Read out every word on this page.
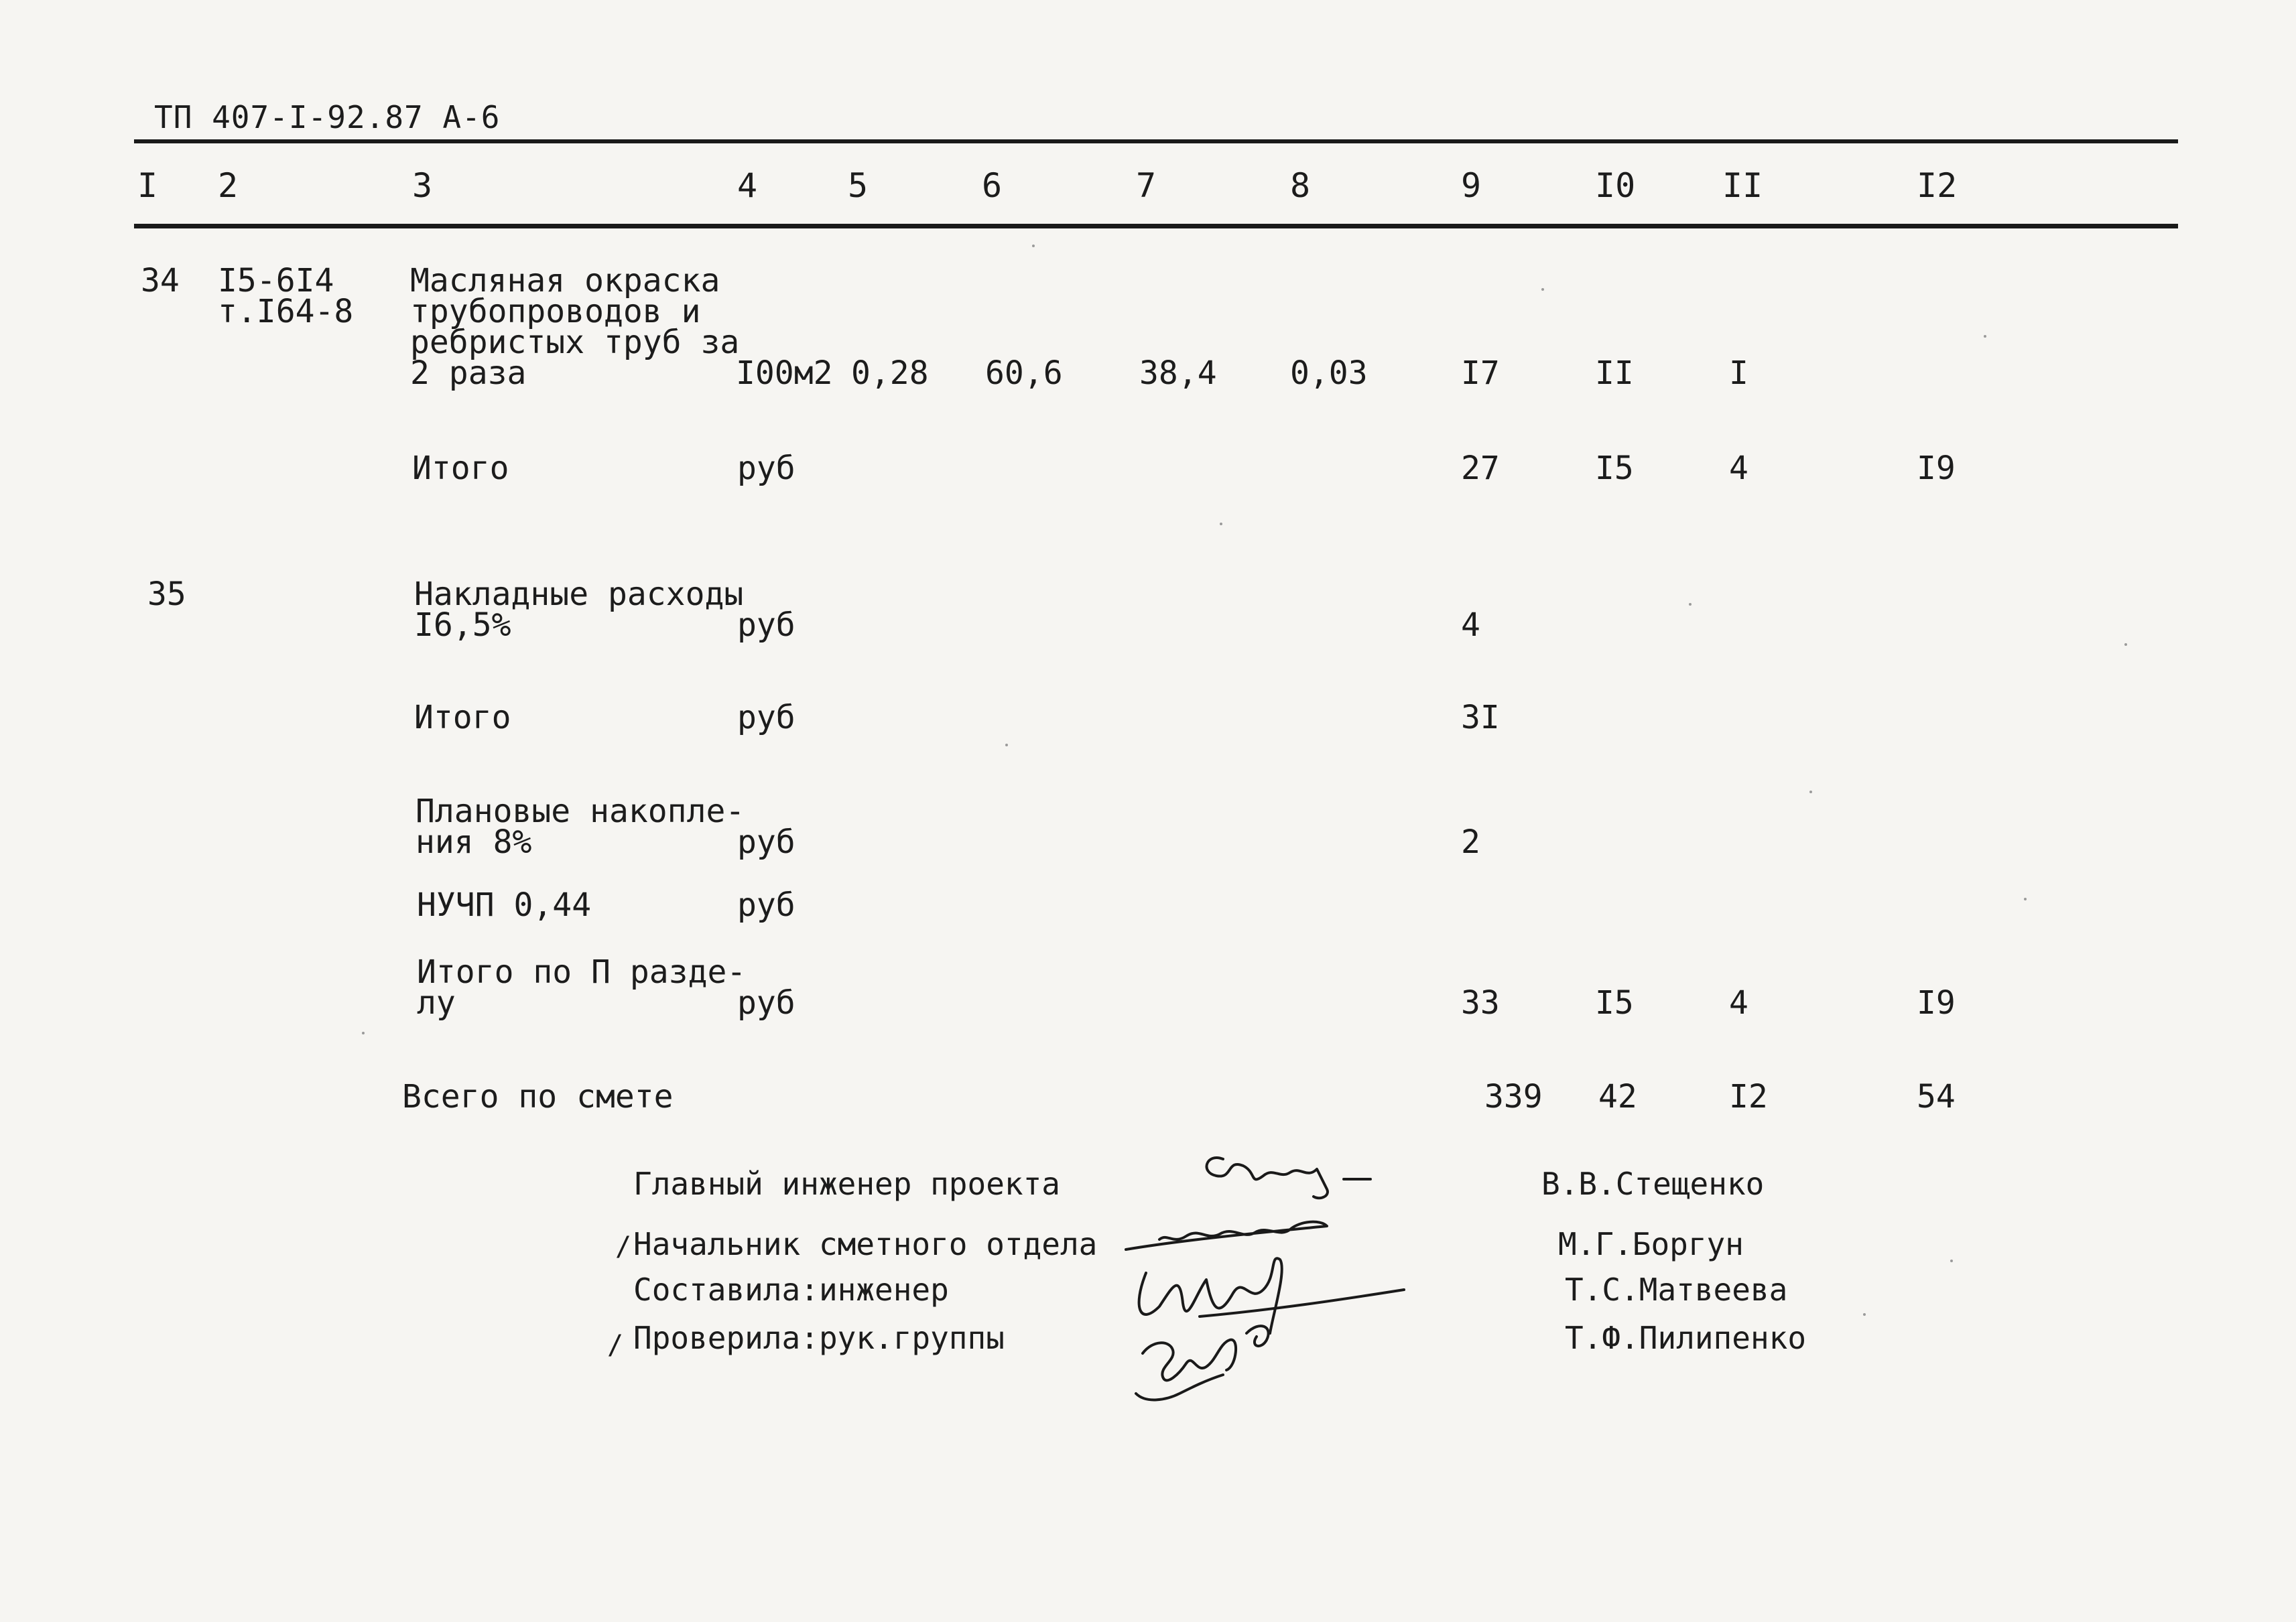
ТП 407-I-92.87 А-6
I 2	3	4	5	6	7	8	9	I0	II	I2
34 I5-6I4
т.I64-8
Масляная окраска
трубопроводов и
ребристых труб за
2 раза	I00м2 0,28 60,6 38,4 0,03	I7	II	I
Итого	руб	27	I5	4	I9
35	Накладные расходы
I6,5%	руб	4
Итого	руб	3I
Плановые накопле-
ния 8%	руб	2
НУЧП 0,44	руб
Итого по П разде-
лу	руб	33	I5	4	I9
Всего по смете	339 42	I2	54
Главный инженер проекта	В.В.Стещенко
Начальник сметного отдела	М.Г.Боргун
Составила:инженер	Т.С.Матвеева
Проверила:рук.группы	Т.Ф.Пилипенко
/
/
